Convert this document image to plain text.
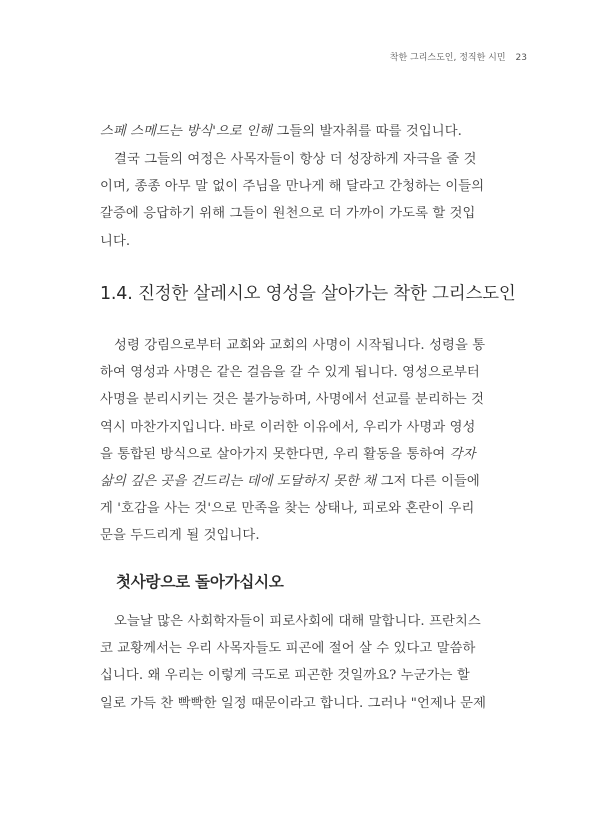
착한 그리스도인, 정직한 시민 23

스페 스메드는 방식'으로 인해 그들의 발자취를 따를 것입니다.

결국 그들의 여정은 사목자들이 항상 더 성장하게 자극을 줄 것
이며, 종종 아무 말 없이 주님을 만나게 해 달라고 간청하는 이들의
갈증에 응답하기 위해 그들이 원천으로 더 가까이 가도록 할 것입
니다.

1.4. 진정한 살레시오 영성을 살아가는 착한 그리스도인

성령 강림으로부터 교회와 교회의 사명이 시작됩니다. 성령을 통
하여 영성과 사명은 같은 걸음을 갈 수 있게 됩니다. 영성으로부터
사명을 분리시키는 것은 불가능하며, 사명에서 선교를 분리하는 것
역시 마찬가지입니다. 바로 이러한 이유에서, 우리가 사명과 영성
을 통합된 방식으로 살아가지 못한다면, 우리 활동을 통하여 각자
삶의 깊은 곳을 건드리는 데에 도달하지 못한 채 그저 다른 이들에
게 '호감을 사는 것'으로 만족을 찾는 상태나, 피로와 혼란이 우리
문을 두드리게 될 것입니다.

첫사랑으로 돌아가십시오

오늘날 많은 사회학자들이 피로사회에 대해 말합니다. 프란치스
코 교황께서는 우리 사목자들도 피곤에 절어 살 수 있다고 말씀하
십니다. 왜 우리는 이렇게 극도로 피곤한 것일까요? 누군가는 할
일로 가득 찬 빡빡한 일정 때문이라고 합니다. 그러나 "언제나 문제
